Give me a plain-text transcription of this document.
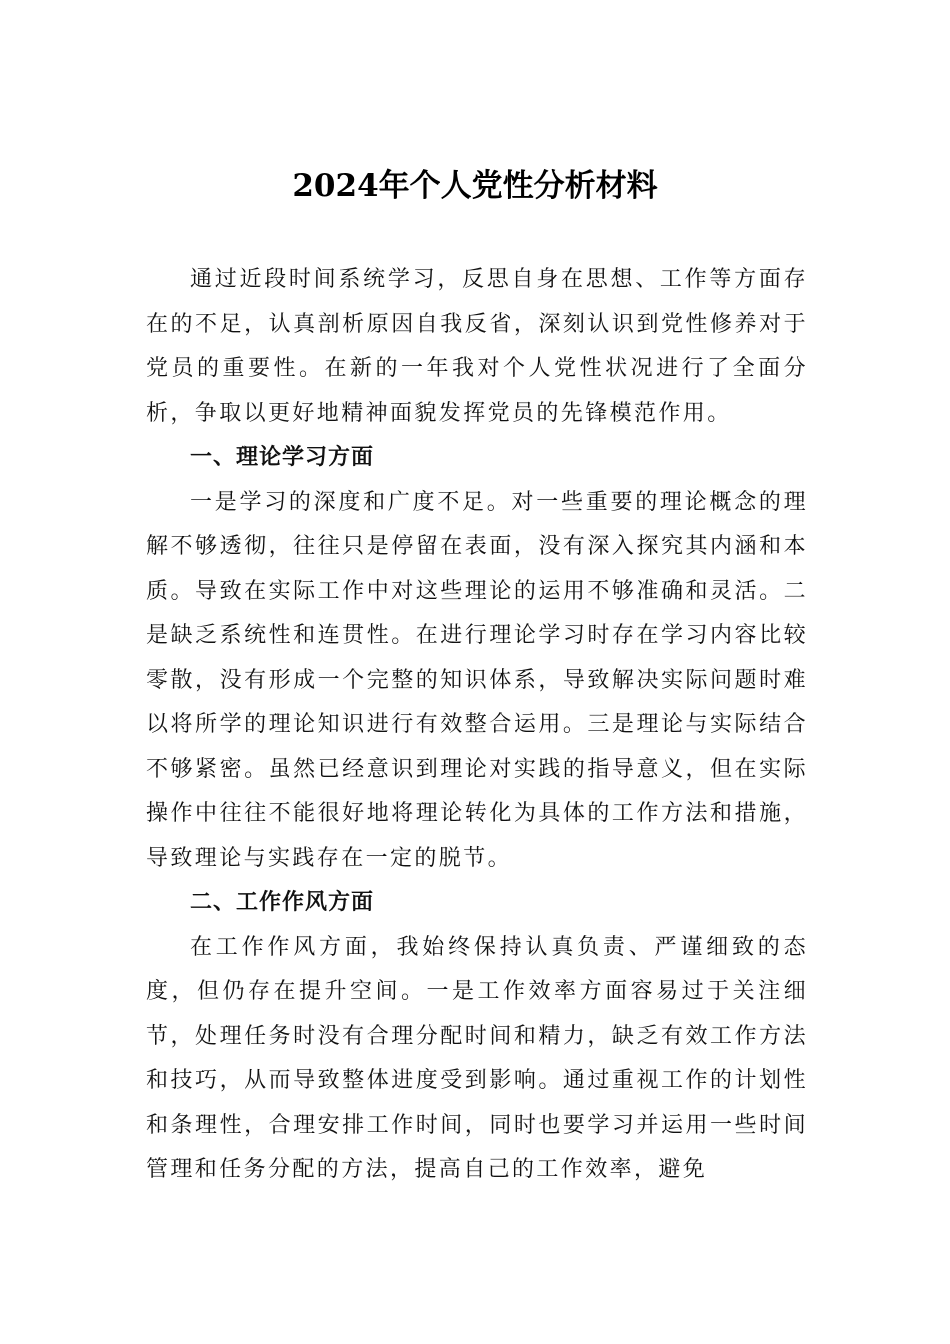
2024年个人党性分析材料

通过近段时间系统学习，反思自身在思想、工作等方面存在的不足，认真剖析原因自我反省，深刻认识到党性修养对于党员的重要性。在新的一年我对个人党性状况进行了全面分析，争取以更好地精神面貌发挥党员的先锋模范作用。

一、理论学习方面

一是学习的深度和广度不足。对一些重要的理论概念的理解不够透彻，往往只是停留在表面，没有深入探究其内涵和本质。导致在实际工作中对这些理论的运用不够准确和灵活。二是缺乏系统性和连贯性。在进行理论学习时存在学习内容比较零散，没有形成一个完整的知识体系，导致解决实际问题时难以将所学的理论知识进行有效整合运用。三是理论与实际结合不够紧密。虽然已经意识到理论对实践的指导意义，但在实际操作中往往不能很好地将理论转化为具体的工作方法和措施，导致理论与实践存在一定的脱节。

二、工作作风方面

在工作作风方面，我始终保持认真负责、严谨细致的态度，但仍存在提升空间。一是工作效率方面容易过于关注细节，处理任务时没有合理分配时间和精力，缺乏有效工作方法和技巧，从而导致整体进度受到影响。通过重视工作的计划性和条理性，合理安排工作时间，同时也要学习并运用一些时间管理和任务分配的方法，提高自己的工作效率，避免
